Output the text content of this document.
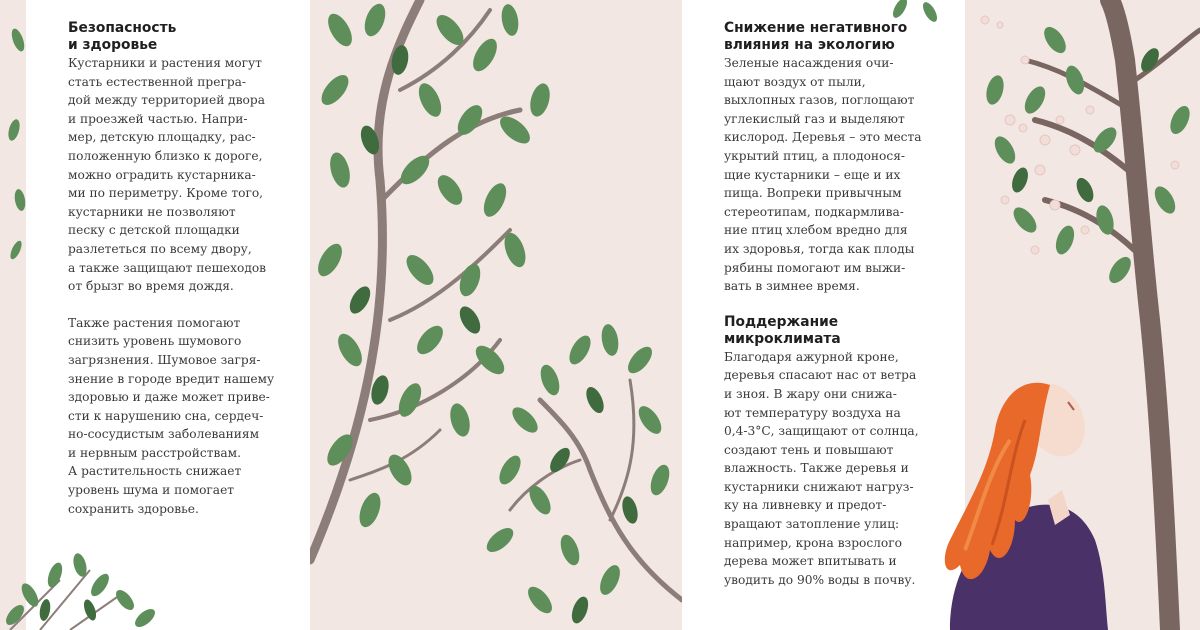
Безопасность
и здоровье

Кустарники и растения могут
стать естественной прегра-
дой между территорией двора
и проезжей частью. Напри-
мер, детскую площадку, рас-
положенную близко к дороге,
можно оградить кустарника-
ми по периметру. Кроме того,
кустарники не позволяют
песку с детской площадки
разлететься по всему двору,
а также защищают пешеходов
от брызг во время дождя.

Также растения помогают
снизить уровень шумового
загрязнения. Шумовое загря-
знение в городе вредит нашему
здоровью и даже может приве-
сти к нарушению сна, сердеч-
но-сосудистым заболеваниям
и нервным расстройствам.
А растительность снижает
уровень шума и помогает
сохранить здоровье.

Снижение негативного
влияния на экологию

Зеленые насаждения очи-
щают воздух от пыли,
выхлопных газов, поглощают
углекислый газ и выделяют
кислород. Деревья – это места
укрытий птиц, а плодонося-
щие кустарники – еще и их
пища. Вопреки привычным
стереотипам, подкармлива-
ние птиц хлебом вредно для
их здоровья, тогда как плоды
рябины помогают им выжи-
вать в зимнее время.

Поддержание
микроклимата

Благодаря ажурной кроне,
деревья спасают нас от ветра
и зноя. В жару они снижа-
ют температуру воздуха на
0,4-3°С, защищают от солнца,
создают тень и повышают
влажность. Также деревья и
кустарники снижают нагруз-
ку на ливневку и предот-
вращают затопление улиц:
например, крона взрослого
дерева может впитывать и
уводить до 90% воды в почву.
